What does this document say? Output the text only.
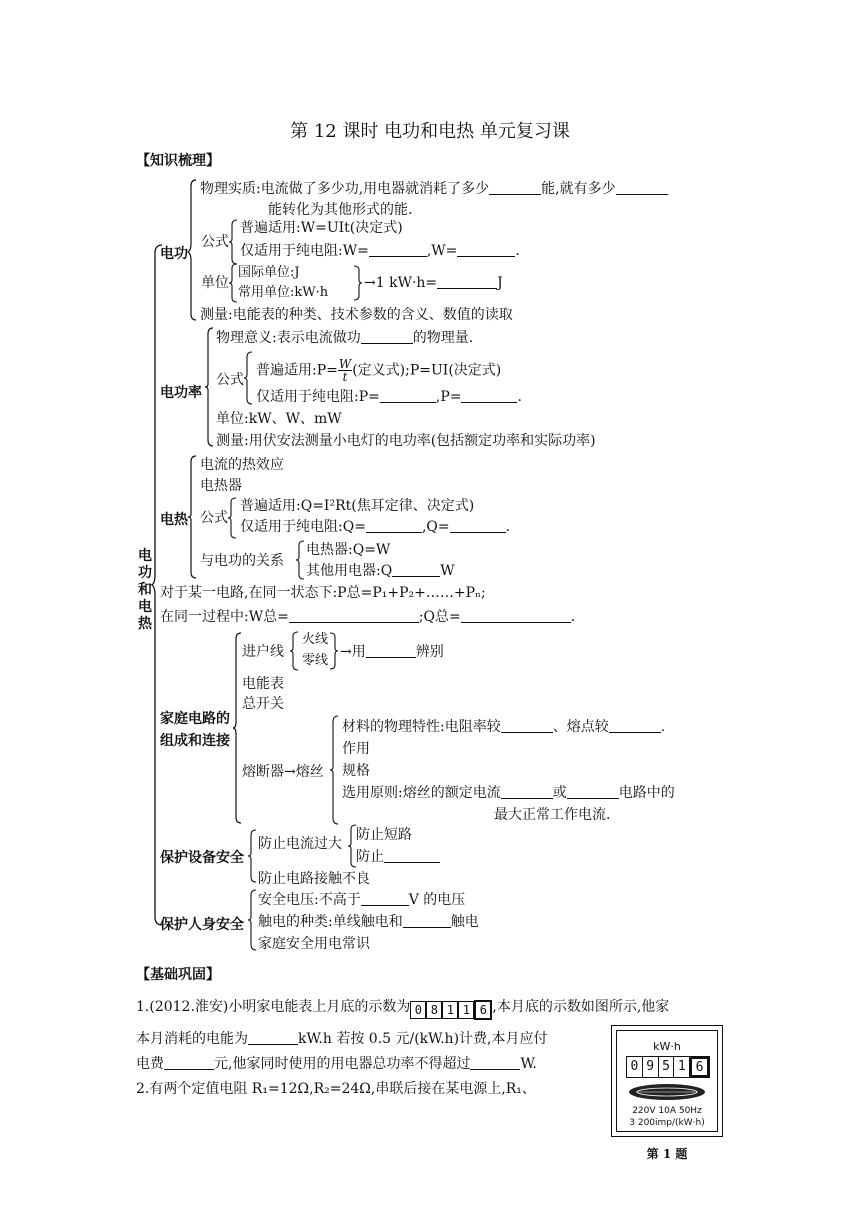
第 12 课时 电功和电热 单元复习课
【知识梳理】
电功和电热
电功
物理实质:电流做了多少功,用电器就消耗了多少	能,就有多少
能转化为其他形式的能.
公式
普遍适用:W=UIt(决定式)
仅适用于纯电阻:W=	,W=	.
单位
国际单位:J
常用单位:kW·h
→1 kW·h=	J
测量:电能表的种类、技术参数的含义、数值的读取
电功率
物理意义:表示电流做功	的物理量.
公式
普遍适用:P= $\frac{W}{t}$ (定义式);P=UI(决定式)
仅适用于纯电阻:P=	,P=	.
单位:kW、W、mW
测量:用伏安法测量小电灯的电功率(包括额定功率和实际功率)
电热
电流的热效应
电热器
公式
普遍适用:Q=I²Rt(焦耳定律、决定式)
仅适用于纯电阻:Q=	,Q=	.
与电功的关系
电热器:Q=W
其他用电器:Q	W
对于某一电路,在同一状态下:P总=P₁+P₂+……+Pₙ;
在同一过程中:W总=	;Q总=	.
家庭电路的
组成和连接
进户线
火线
零线
→用	辨别
电能表
总开关
熔断器→熔丝
材料的物理特性:电阻率较	、熔点较	.
作用
规格
选用原则:熔丝的额定电流	或	电路中的
最大正常工作电流.
保护设备安全
防止电流过大
防止短路
防止
防止电路接触不良
保护人身安全
安全电压:不高于	V 的电压
触电的种类:单线触电和	触电
家庭安全用电常识
【基础巩固】
1.(2012.淮安)小明家电能表上月底的示数为 0 8 1 1 6 ,本月底的示数如图所示,他家
本月消耗的电能为	kW.h 若按 0.5 元/(kW.h)计费,本月应付
电费	元,他家同时使用的用电器总功率不得超过	W.
2.有两个定值电阻 R₁=12Ω,R₂=24Ω,串联后接在某电源上,R₁、
kW·h
0 9 5 1 6
220V 10A 50Hz
3 200imp/(kW·h)
第 1 题
